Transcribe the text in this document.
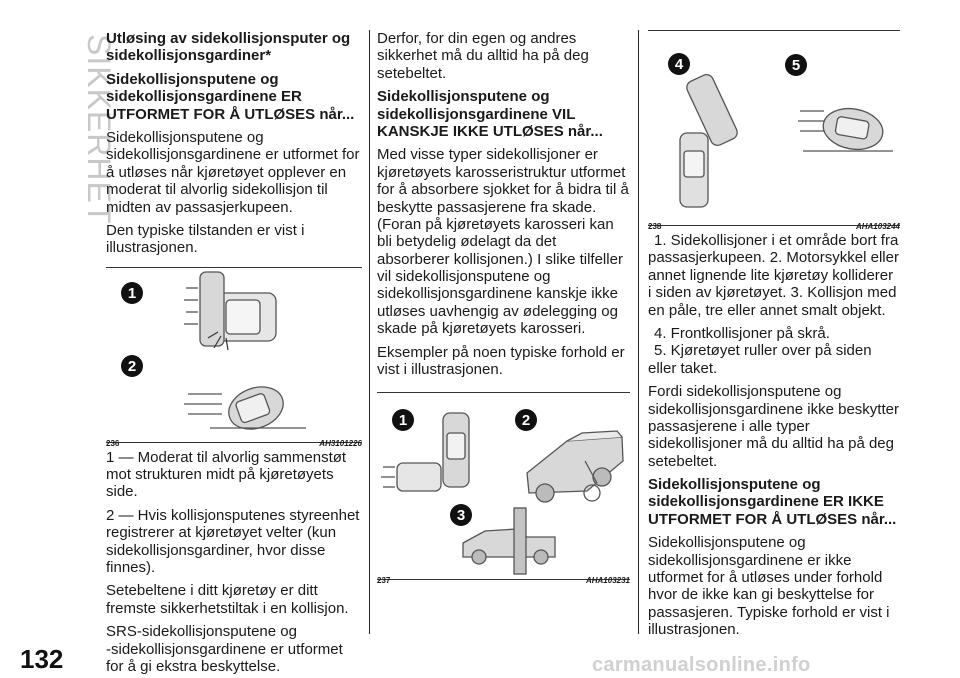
SIKKERHET
132	carmanualsonline.info
Utløsing av sidekollisjonsputer og sidekollisjonsgardiner*
Sidekollisjonsputene og sidekollisjonsgardinene ER UTFORMET FOR Å UTLØSES når...

Sidekollisjonsputene og sidekollisjonsgardinene er utformet for å utløses når kjøretøyet opplever en moderat til alvorlig sidekollisjon til midten av passasjerkupeen.

Den typiske tilstanden er vist i illustrasjonen.

1
2
236	AH3101226

1 — Moderat til alvorlig sammenstøt mot strukturen midt på kjøretøyets side.

2 — Hvis kollisjonsputenes styreenhet registrerer at kjøretøyet velter (kun sidekollisjonsgardiner, hvor disse finnes).

Setebeltene i ditt kjøretøy er ditt fremste sikkerhetstiltak i en kollisjon.

SRS-sidekollisjonsputene og

-sidekollisjonsgardinene er utformet for å gi ekstra beskyttelse.

Derfor, for din egen og andres sikkerhet må du alltid ha på deg setebeltet.

Sidekollisjonsputene og sidekollisjonsgardinene VIL KANSKJE IKKE UTLØSES når...

Med visse typer sidekollisjoner er kjøretøyets karosseristruktur utformet for å absorbere sjokket for å bidra til å beskytte passasjerene fra skade. (Foran på kjøretøyets karosseri kan bli betydelig ødelagt da det absorberer kollisjonen.) I slike tilfeller vil sidekollisjonsputene og sidekollisjonsgardinene kanskje ikke utløses uavhengig av ødelegging og skade på kjøretøyets karosseri.

Eksempler på noen typiske forhold er vist i illustrasjonen.

1	2
3
237	AHA103231
4	5
238	AHA103244

1. Sidekollisjoner i et område bort fra passasjerkupeen. 2. Motorsykkel eller annet lignende lite kjøretøy kolliderer i siden av kjøretøyet. 3. Kollisjon med en påle, tre eller annet smalt objekt.

4. Frontkollisjoner på skrå.

5. Kjøretøyet ruller over på siden eller taket.

Fordi sidekollisjonsputene og sidekollisjonsgardinene ikke beskytter passasjerene i alle typer sidekollisjoner må du alltid ha på deg setebeltet.

Sidekollisjonsputene og sidekollisjonsgardinene ER IKKE UTFORMET FOR Å UTLØSES når...

Sidekollisjonsputene og sidekollisjonsgardinene er ikke utformet for å utløses under forhold hvor de ikke kan gi beskyttelse for passasjeren. Typiske forhold er vist i illustrasjonen.
